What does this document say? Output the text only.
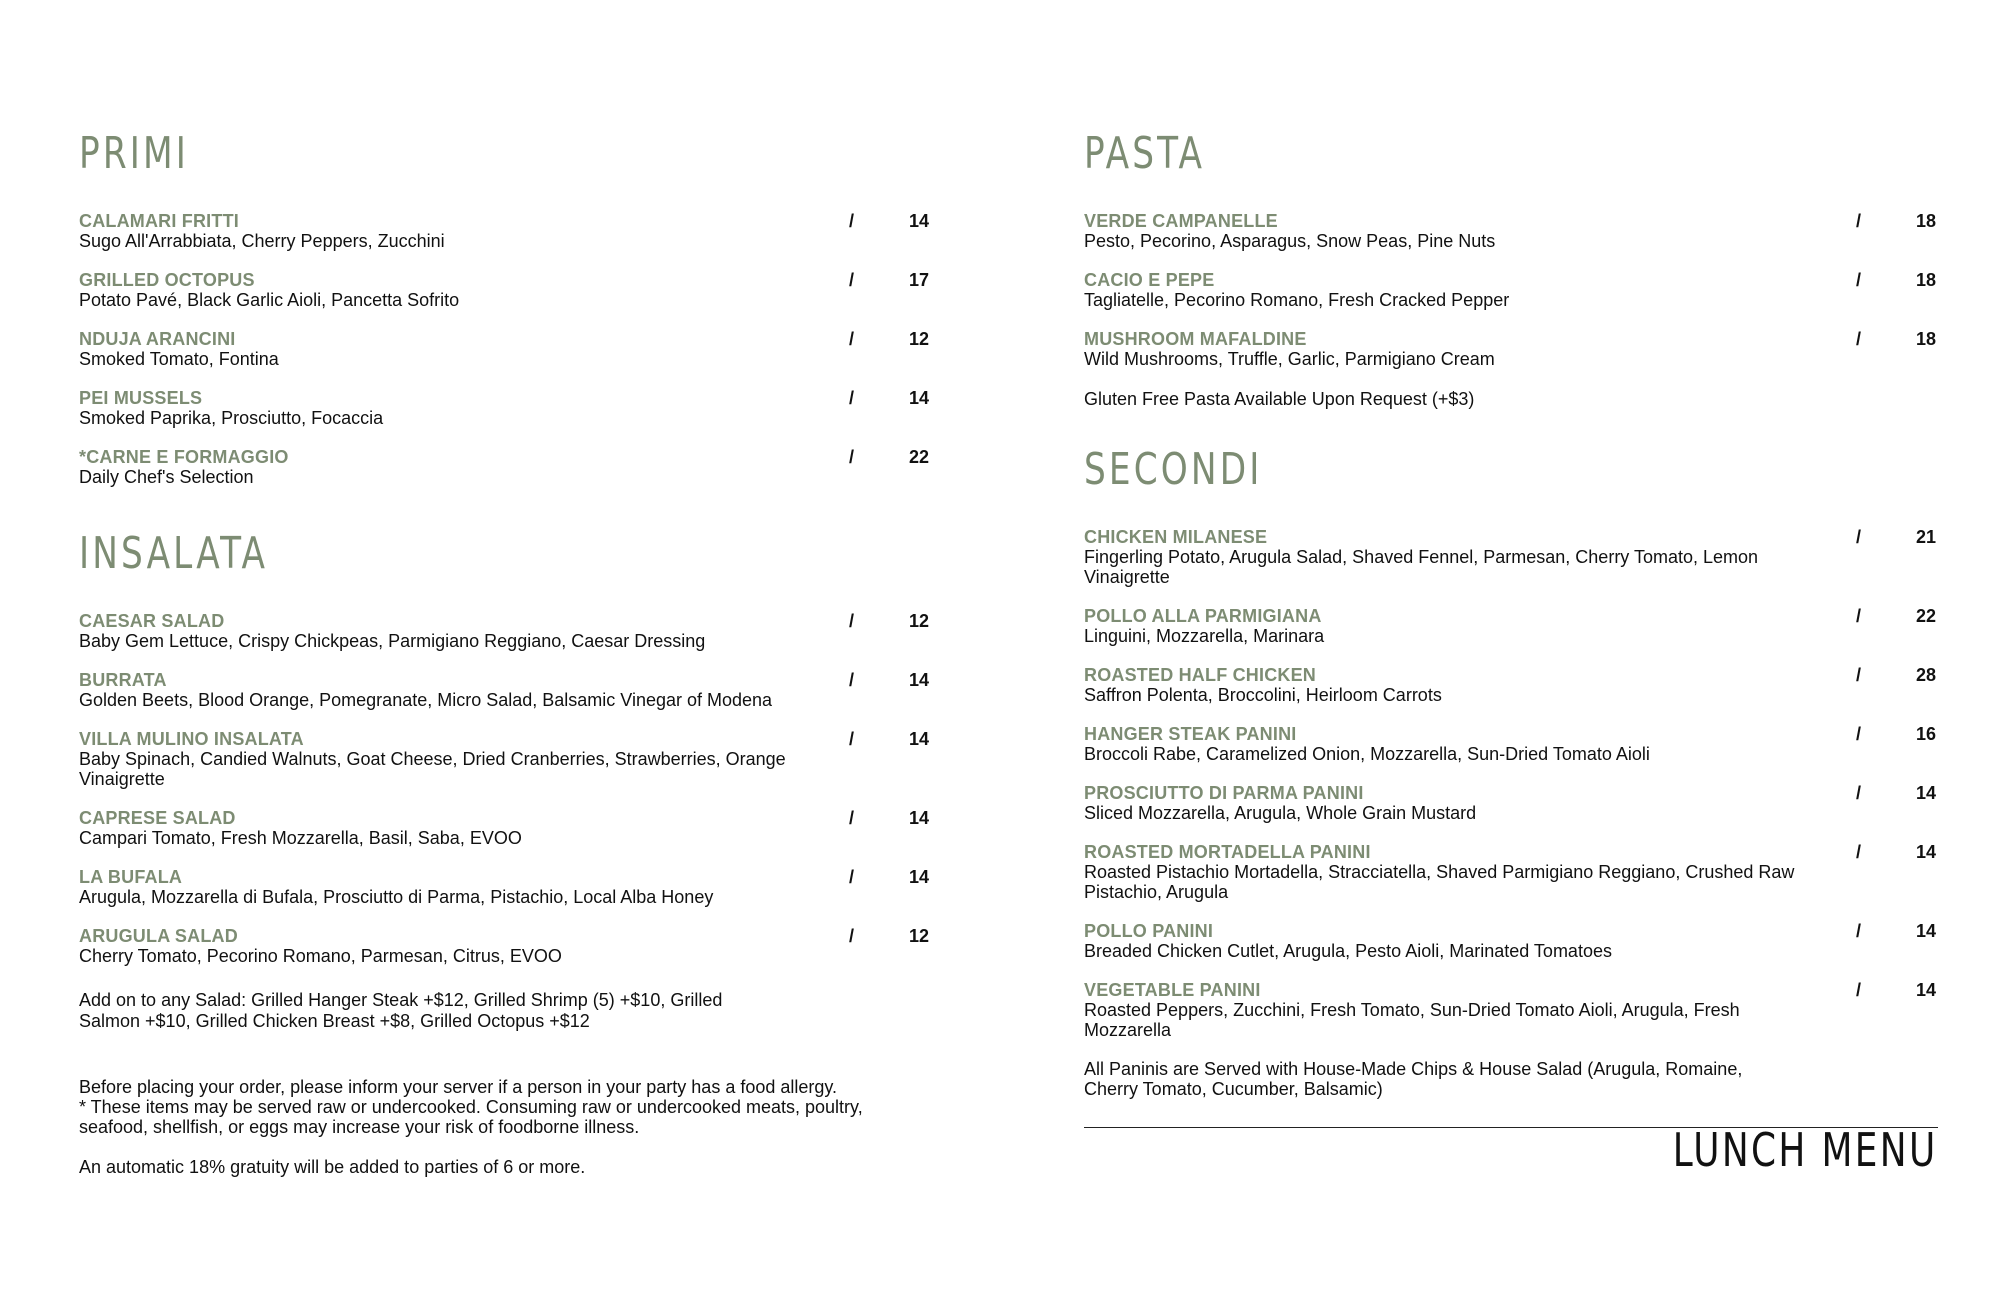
PRIMI
CALAMARI FRITTI
Sugo All'Arrabbiata, Cherry Peppers, Zucchini
/	14
GRILLED OCTOPUS
Potato Pavé, Black Garlic Aioli, Pancetta Sofrito
/	17
NDUJA ARANCINI
Smoked Tomato, Fontina
/	12
PEI MUSSELS
Smoked Paprika, Prosciutto, Focaccia
/	14
*CARNE E FORMAGGIO
Daily Chef's Selection
/	22
INSALATA
CAESAR SALAD
Baby Gem Lettuce, Crispy Chickpeas, Parmigiano Reggiano, Caesar Dressing
/	12
BURRATA
Golden Beets, Blood Orange, Pomegranate, Micro Salad, Balsamic Vinegar of Modena
/	14
VILLA MULINO INSALATA
Baby Spinach, Candied Walnuts, Goat Cheese, Dried Cranberries, Strawberries, Orange Vinaigrette
/	14
CAPRESE SALAD
Campari Tomato, Fresh Mozzarella, Basil, Saba, EVOO
/	14
LA BUFALA
Arugula, Mozzarella di Bufala, Prosciutto di Parma, Pistachio, Local Alba Honey
/	14
ARUGULA SALAD
Cherry Tomato, Pecorino Romano, Parmesan, Citrus, EVOO
/	12
Add on to any Salad: Grilled Hanger Steak +$12, Grilled Shrimp (5) +$10, Grilled Salmon +$10, Grilled Chicken Breast +$8, Grilled Octopus +$12
Before placing your order, please inform your server if a person in your party has a food allergy.
* These items may be served raw or undercooked. Consuming raw or undercooked meats, poultry, seafood, shellfish, or eggs may increase your risk of foodborne illness.
An automatic 18% gratuity will be added to parties of 6 or more.
PASTA
VERDE CAMPANELLE
Pesto, Pecorino, Asparagus, Snow Peas, Pine Nuts
/	18
CACIO E PEPE
Tagliatelle, Pecorino Romano, Fresh Cracked Pepper
/	18
MUSHROOM MAFALDINE
Wild Mushrooms, Truffle, Garlic, Parmigiano Cream
/	18
Gluten Free Pasta Available Upon Request (+$3)
SECONDI
CHICKEN MILANESE
Fingerling Potato, Arugula Salad, Shaved Fennel, Parmesan, Cherry Tomato, Lemon Vinaigrette
/	21
POLLO ALLA PARMIGIANA
Linguini, Mozzarella, Marinara
/	22
ROASTED HALF CHICKEN
Saffron Polenta, Broccolini, Heirloom Carrots
/	28
HANGER STEAK PANINI
Broccoli Rabe, Caramelized Onion, Mozzarella, Sun-Dried Tomato Aioli
/	16
PROSCIUTTO DI PARMA PANINI
Sliced Mozzarella, Arugula, Whole Grain Mustard
/	14
ROASTED MORTADELLA PANINI
Roasted Pistachio Mortadella, Stracciatella, Shaved Parmigiano Reggiano, Crushed Raw Pistachio, Arugula
/	14
POLLO PANINI
Breaded Chicken Cutlet, Arugula, Pesto Aioli, Marinated Tomatoes
/	14
VEGETABLE PANINI
Roasted Peppers, Zucchini, Fresh Tomato, Sun-Dried Tomato Aioli, Arugula, Fresh Mozzarella
/	14
All Paninis are Served with House-Made Chips & House Salad (Arugula, Romaine, Cherry Tomato, Cucumber, Balsamic)
LUNCH MENU
